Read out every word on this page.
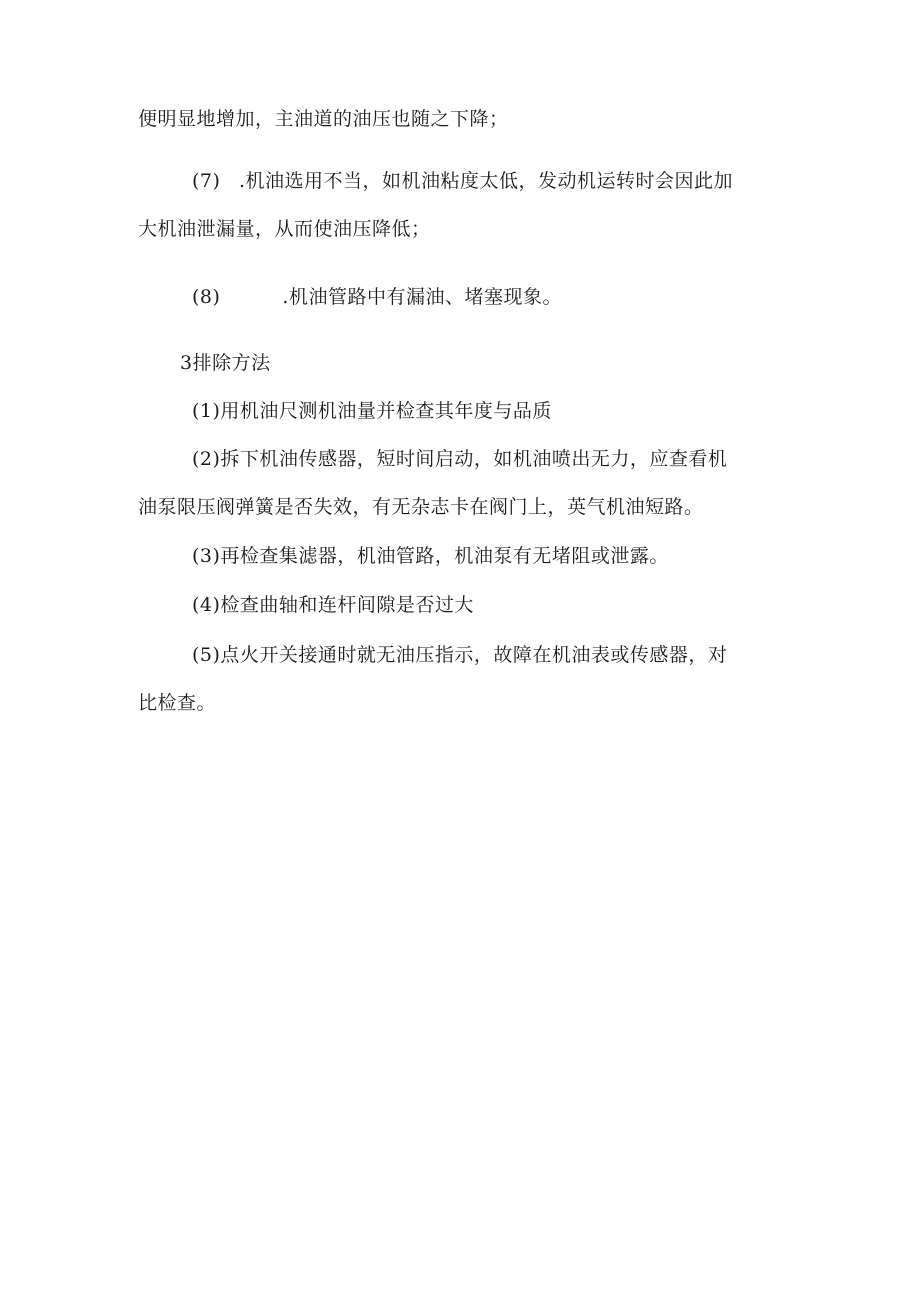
便明显地增加，主油道的油压也随之下降；
(7) .机油选用不当，如机油粘度太低，发动机运转时会因此加
大机油泄漏量，从而使油压降低；
(8)	.机油管路中有漏油、堵塞现象。
3排除方法
(1)用机油尺测机油量并检查其年度与品质
(2)拆下机油传感器，短时间启动，如机油喷出无力，应查看机
油泵限压阀弹簧是否失效，有无杂志卡在阀门上，英气机油短路。
(3)再检查集滤器，机油管路，机油泵有无堵阻或泄露。
(4)检查曲轴和连杆间隙是否过大
(5)点火开关接通时就无油压指示，故障在机油表或传感器，对
比检查。
